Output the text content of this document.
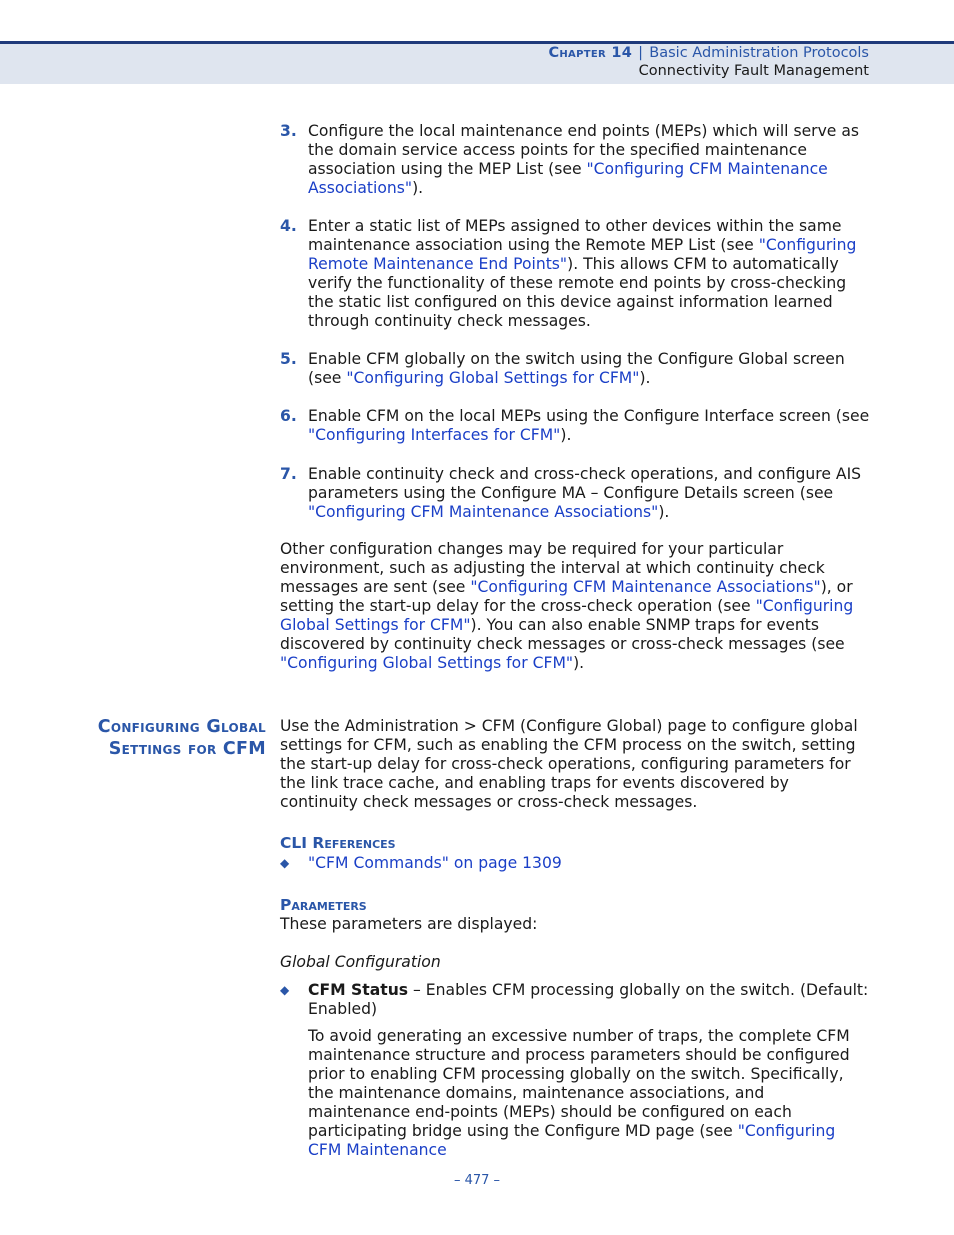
Chapter 14 | Basic Administration Protocols
Connectivity Fault Management
3. Configure the local maintenance end points (MEPs) which will serve as the domain service access points for the specified maintenance association using the MEP List (see "Configuring CFM Maintenance Associations").
4. Enter a static list of MEPs assigned to other devices within the same maintenance association using the Remote MEP List (see "Configuring Remote Maintenance End Points"). This allows CFM to automatically verify the functionality of these remote end points by cross-checking the static list configured on this device against information learned through continuity check messages.
5. Enable CFM globally on the switch using the Configure Global screen (see "Configuring Global Settings for CFM").
6. Enable CFM on the local MEPs using the Configure Interface screen (see "Configuring Interfaces for CFM").
7. Enable continuity check and cross-check operations, and configure AIS parameters using the Configure MA – Configure Details screen (see "Configuring CFM Maintenance Associations").
Other configuration changes may be required for your particular environment, such as adjusting the interval at which continuity check messages are sent (see "Configuring CFM Maintenance Associations"), or setting the start-up delay for the cross-check operation (see "Configuring Global Settings for CFM"). You can also enable SNMP traps for events discovered by continuity check messages or cross-check messages (see "Configuring Global Settings for CFM").
Configuring Global
Settings for CFM
Use the Administration > CFM (Configure Global) page to configure global settings for CFM, such as enabling the CFM process on the switch, setting the start-up delay for cross-check operations, configuring parameters for the link trace cache, and enabling traps for events discovered by continuity check messages or cross-check messages.
CLI References
◆ "CFM Commands" on page 1309
Parameters
These parameters are displayed:
Global Configuration
◆ CFM Status – Enables CFM processing globally on the switch. (Default: Enabled)
To avoid generating an excessive number of traps, the complete CFM maintenance structure and process parameters should be configured prior to enabling CFM processing globally on the switch. Specifically, the maintenance domains, maintenance associations, and maintenance end-points (MEPs) should be configured on each participating bridge using the Configure MD page (see "Configuring CFM Maintenance
– 477 –
